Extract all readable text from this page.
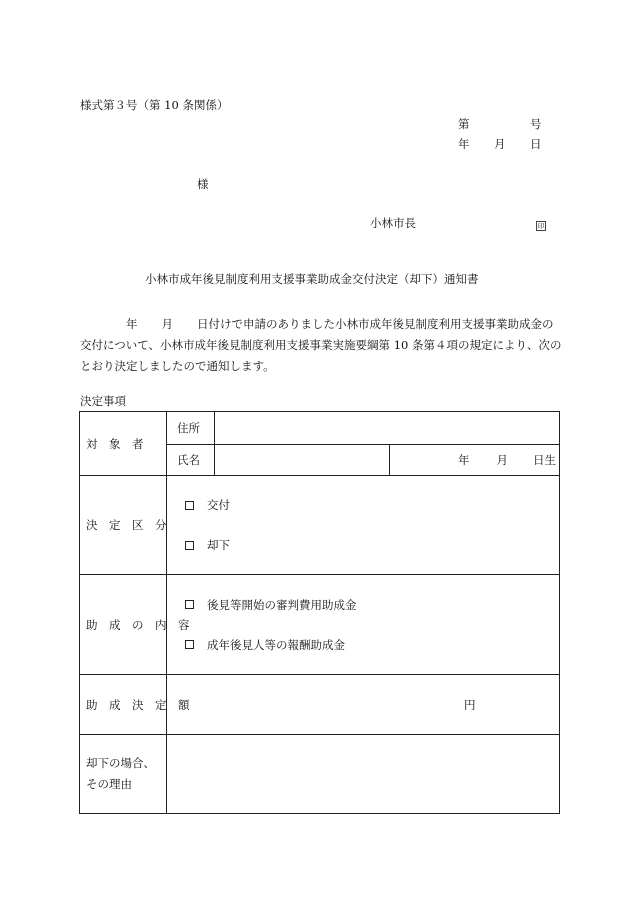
様式第３号（第 10 条関係）
第	号
年 月 日
様
小林市長	印
小林市成年後見制度利用支援事業助成金交付決定（却下）通知書
年 月 日付けで申請のありました小林市成年後見制度利用支援事業助成金の
交付について、小林市成年後見制度利用支援事業実施要綱第 10 条第４項の規定により、次の
とおり決定しましたので通知します。
決定事項
対　象　者	住所
氏名 年 月 日生

決　定　区　分	交付
却下

助　成　の　内　容	後見等開始の審判費用助成金
成年後見人等の報酬助成金

助　成　決　定　額	円

却下の場合、
その理由	
